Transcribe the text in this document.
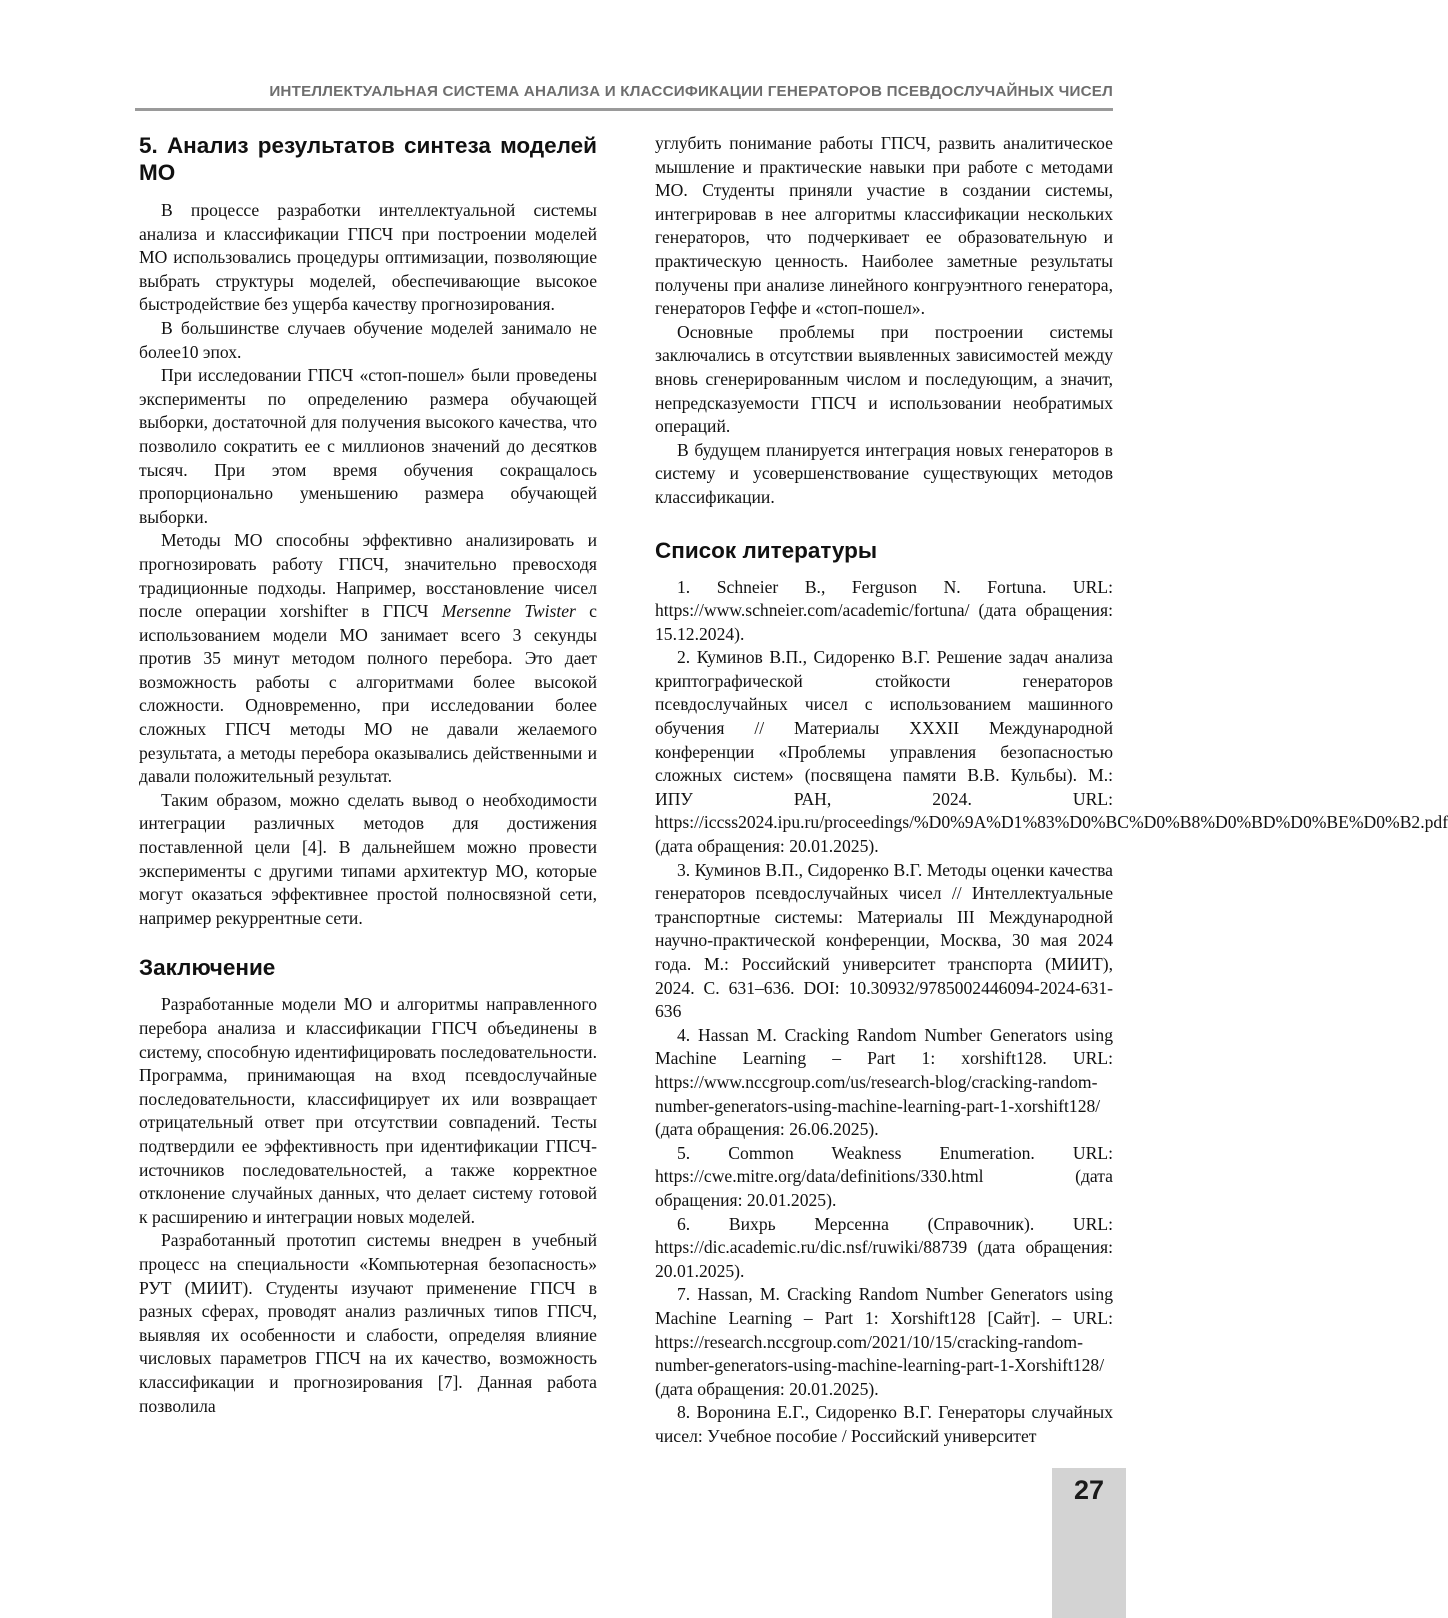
ИНТЕЛЛЕКТУАЛЬНАЯ СИСТЕМА АНАЛИЗА И КЛАССИФИКАЦИИ ГЕНЕРАТОРОВ ПСЕВДОСЛУЧАЙНЫХ ЧИСЕЛ
5. Анализ результатов синтеза моделей МО

В процессе разработки интеллектуальной системы анализа и классификации ГПСЧ при построении моделей МО использовались процедуры оптимизации, позволяющие выбрать структуры моделей, обеспечивающие высокое быстродействие без ущерба качеству прогнозирования.

В большинстве случаев обучение моделей занимало не более10 эпох.

При исследовании ГПСЧ «стоп-пошел» были проведены эксперименты по определению размера обучающей выборки, достаточной для получения высокого качества, что позволило сократить ее с миллионов значений до десятков тысяч. При этом время обучения сокращалось пропорционально уменьшению размера обучающей выборки.

Методы МО способны эффективно анализировать и прогнозировать работу ГПСЧ, значительно превосходя традиционные подходы. Например, восстановление чисел после операции xorshifter в ГПСЧ Mersenne Twister с использованием модели МО занимает всего 3 секунды против 35 минут методом полного перебора. Это дает возможность работы с алгоритмами более высокой сложности. Одновременно, при исследовании более сложных ГПСЧ методы МО не давали желаемого результата, а методы перебора оказывались действенными и давали положительный результат.

Таким образом, можно сделать вывод о необходимости интеграции различных методов для достижения поставленной цели [4]. В дальнейшем можно провести эксперименты с другими типами архитектур МО, которые могут оказаться эффективнее простой полносвязной сети, например рекуррентные сети.

Заключение

Разработанные модели МО и алгоритмы направленного перебора анализа и классификации ГПСЧ объединены в систему, способную идентифицировать последовательности. Программа, принимающая на вход псевдослучайные последовательности, классифицирует их или возвращает отрицательный ответ при отсутствии совпадений. Тесты подтвердили ее эффективность при идентификации ГПСЧ-источников последовательностей, а также корректное отклонение случайных данных, что делает систему готовой к расширению и интеграции новых моделей.

Разработанный прототип системы внедрен в учебный процесс на специальности «Компьютерная безопасность» РУТ (МИИТ). Студенты изучают применение ГПСЧ в разных сферах, проводят анализ различных типов ГПСЧ, выявляя их особенности и слабости, определяя влияние числовых параметров ГПСЧ на их качество, возможность классификации и прогнозирования [7]. Данная работа позволила

углубить понимание работы ГПСЧ, развить аналитическое мышление и практические навыки при работе с методами МО. Студенты приняли участие в создании системы, интегрировав в нее алгоритмы классификации нескольких генераторов, что подчеркивает ее образовательную и практическую ценность. Наиболее заметные результаты получены при анализе линейного конгруэнтного генератора, генераторов Геффе и «стоп-пошел».

Основные проблемы при построении системы заключались в отсутствии выявленных зависимостей между вновь сгенерированным числом и последующим, а значит, непредсказуемости ГПСЧ и использовании необратимых операций.

В будущем планируется интеграция новых генераторов в систему и усовершенствование существующих методов классификации.

Список литературы

1. Schneier B., Ferguson N. Fortuna. URL: https://www.schneier.com/academic/fortuna/ (дата обращения: 15.12.2024).

2. Куминов В.П., Сидоренко В.Г. Решение задач анализа криптографической стойкости генераторов псевдослучайных чисел с использованием машинного обучения // Материалы XXXII Международной конференции «Проблемы управления безопасностью сложных систем» (посвящена памяти В.В. Кульбы). М.: ИПУ РАН, 2024. URL: https://iccss2024.ipu.ru/proceedings/%D0%9A%D1%83%D0%BC%D0%B8%D0%BD%D0%BE%D0%B2.pdf (дата обращения: 20.01.2025).

3. Куминов В.П., Сидоренко В.Г. Методы оценки качества генераторов псевдослучайных чисел // Интеллектуальные транспортные системы: Материалы III Международной научно-практической конференции, Москва, 30 мая 2024 года. М.: Российский университет транспорта (МИИТ), 2024. С. 631–636. DOI: 10.30932/9785002446094-2024-631-636

4. Hassan M. Cracking Random Number Generators using Machine Learning – Part 1: xorshift128. URL: https://www.nccgroup.com/us/research-blog/cracking-random-number-generators-using-machine-learning-part-1-xorshift128/ (дата обращения: 26.06.2025).

5. Common Weakness Enumeration. URL: https://cwe.mitre.org/data/definitions/330.html (дата обращения: 20.01.2025).

6. Вихрь Мерсенна (Справочник). URL: https://dic.academic.ru/dic.nsf/ruwiki/88739 (дата обращения: 20.01.2025).

7. Hassan, M. Cracking Random Number Generators using Machine Learning – Part 1: Xorshift128 [Сайт]. – URL: https://research.nccgroup.com/2021/10/15/cracking-random-number-generators-using-machine-learning-part-1-Xorshift128/ (дата обращения: 20.01.2025).

8. Воронина Е.Г., Сидоренко В.Г. Генераторы случайных чисел: Учебное пособие / Российский университет

27
